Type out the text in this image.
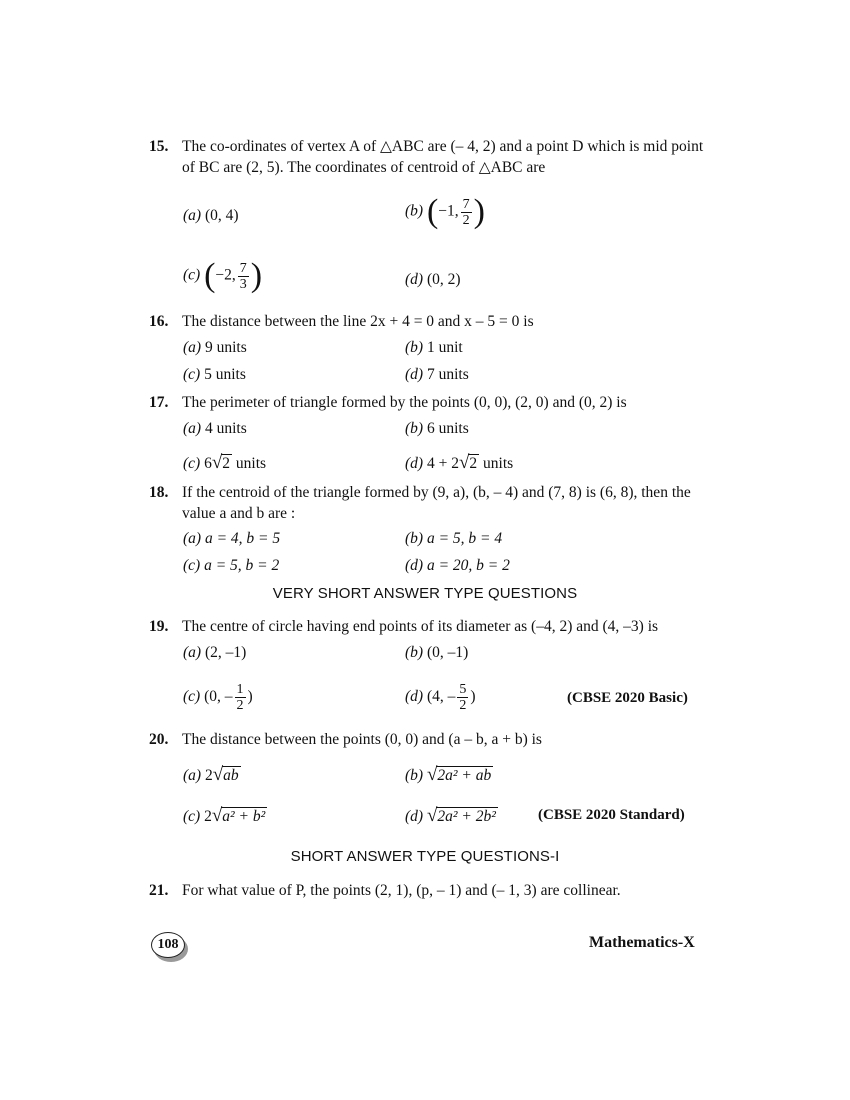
15. The co-ordinates of vertex A of △ABC are (– 4, 2) and a point D which is mid point of BC are (2, 5). The coordinates of centroid of △ABC are
(a) (0, 4)	(b) (−1, $\frac{7}{2}$ )
(c) (−2, $\frac{7}{3}$ )	(d) (0, 2)
16. The distance between the line 2x + 4 = 0 and x – 5 = 0 is
(a) 9 units	(b) 1 unit
(c) 5 units	(d) 7 units
17. The perimeter of triangle formed by the points (0, 0), (2, 0) and (0, 2) is
(a) 4 units	(b) 6 units
(c) 6√2 units	(d) 4 + 2√2 units
18. If the centroid of the triangle formed by (9, a), (b, – 4) and (7, 8) is (6, 8), then the value a and b are :
(a) a = 4, b = 5	(b) a = 5, b = 4
(c) a = 5, b = 2	(d) a = 20, b = 2
VERY SHORT ANSWER TYPE QUESTIONS
19. The centre of circle having end points of its diameter as (–4, 2) and (4, –3) is
(a) (2, –1)	(b) (0, –1)
(c) (0, – $\frac{1}{2}$ )	(d) (4, – $\frac{5}{2}$ )	(CBSE 2020 Basic)
20. The distance between the points (0, 0) and (a – b, a + b) is
(a) 2√ab	(b) √2a² + ab
(c) 2√a² + b²	(d) √2a² + 2b²	(CBSE 2020 Standard)
SHORT ANSWER TYPE QUESTIONS-I
21. For what value of P, the points (2, 1), (p, – 1) and (– 1, 3) are collinear.
108	Mathematics-X
